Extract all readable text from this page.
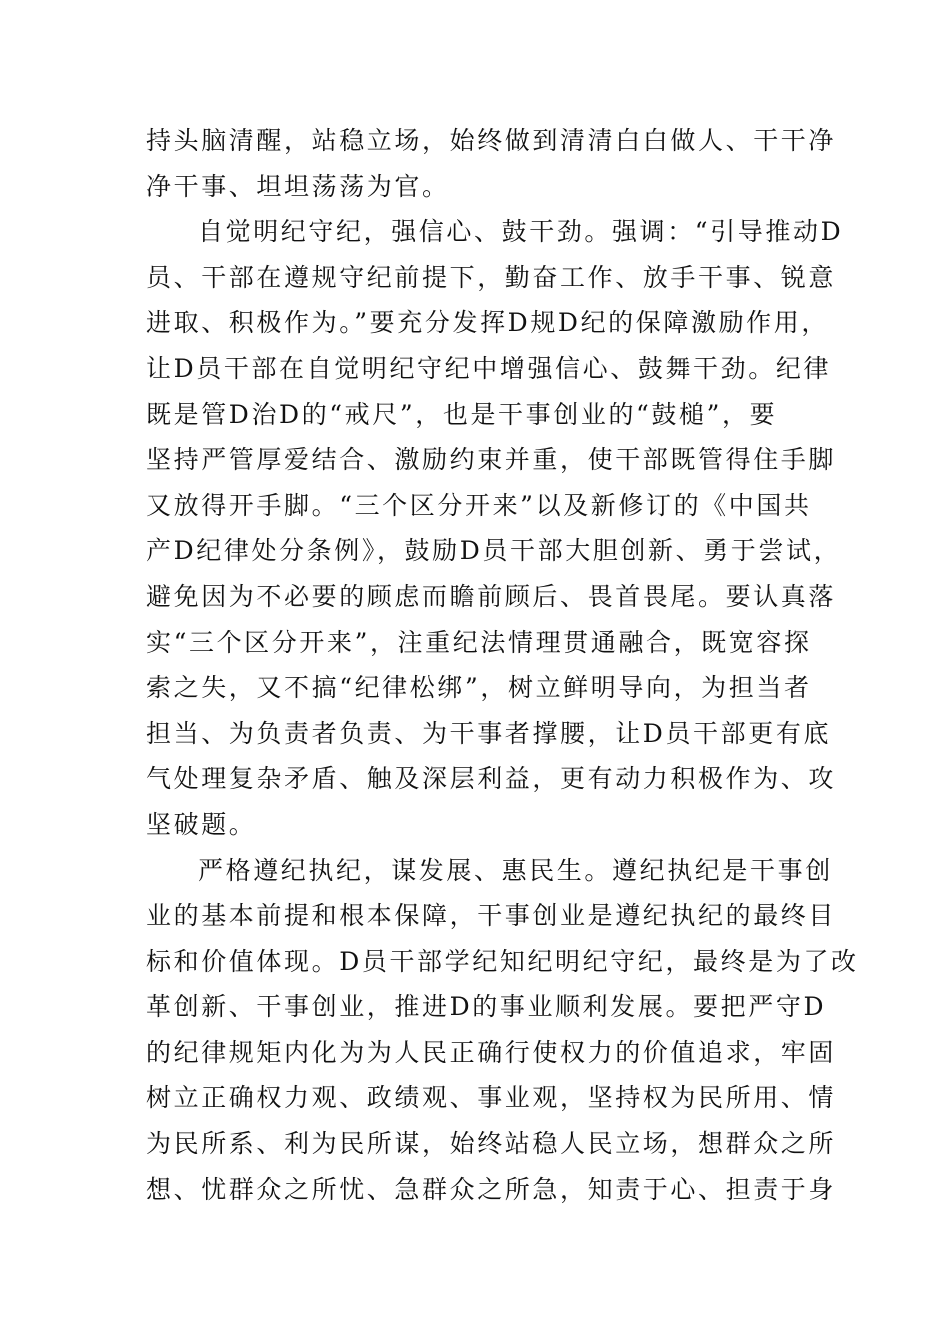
持头脑清醒，站稳立场，始终做到清清白白做人、干干净
净干事、坦坦荡荡为官。
自觉明纪守纪，强信心、鼓干劲。强调：“引导推动D
员、干部在遵规守纪前提下，勤奋工作、放手干事、锐意
进取、积极作为。”要充分发挥D规D纪的保障激励作用，
让D员干部在自觉明纪守纪中增强信心、鼓舞干劲。纪律
既是管D治D的“戒尺”，也是干事创业的“鼓槌”，要
坚持严管厚爱结合、激励约束并重，使干部既管得住手脚
又放得开手脚。“三个区分开来”以及新修订的《中国共
产D纪律处分条例》，鼓励D员干部大胆创新、勇于尝试，
避免因为不必要的顾虑而瞻前顾后、畏首畏尾。要认真落
实“三个区分开来”，注重纪法情理贯通融合，既宽容探
索之失，又不搞“纪律松绑”，树立鲜明导向，为担当者
担当、为负责者负责、为干事者撑腰，让D员干部更有底
气处理复杂矛盾、触及深层利益，更有动力积极作为、攻
坚破题。
严格遵纪执纪，谋发展、惠民生。遵纪执纪是干事创
业的基本前提和根本保障，干事创业是遵纪执纪的最终目
标和价值体现。D员干部学纪知纪明纪守纪，最终是为了改
革创新、干事创业，推进D的事业顺利发展。要把严守D
的纪律规矩内化为为人民正确行使权力的价值追求，牢固
树立正确权力观、政绩观、事业观，坚持权为民所用、情
为民所系、利为民所谋，始终站稳人民立场，想群众之所
想、忧群众之所忧、急群众之所急，知责于心、担责于身
